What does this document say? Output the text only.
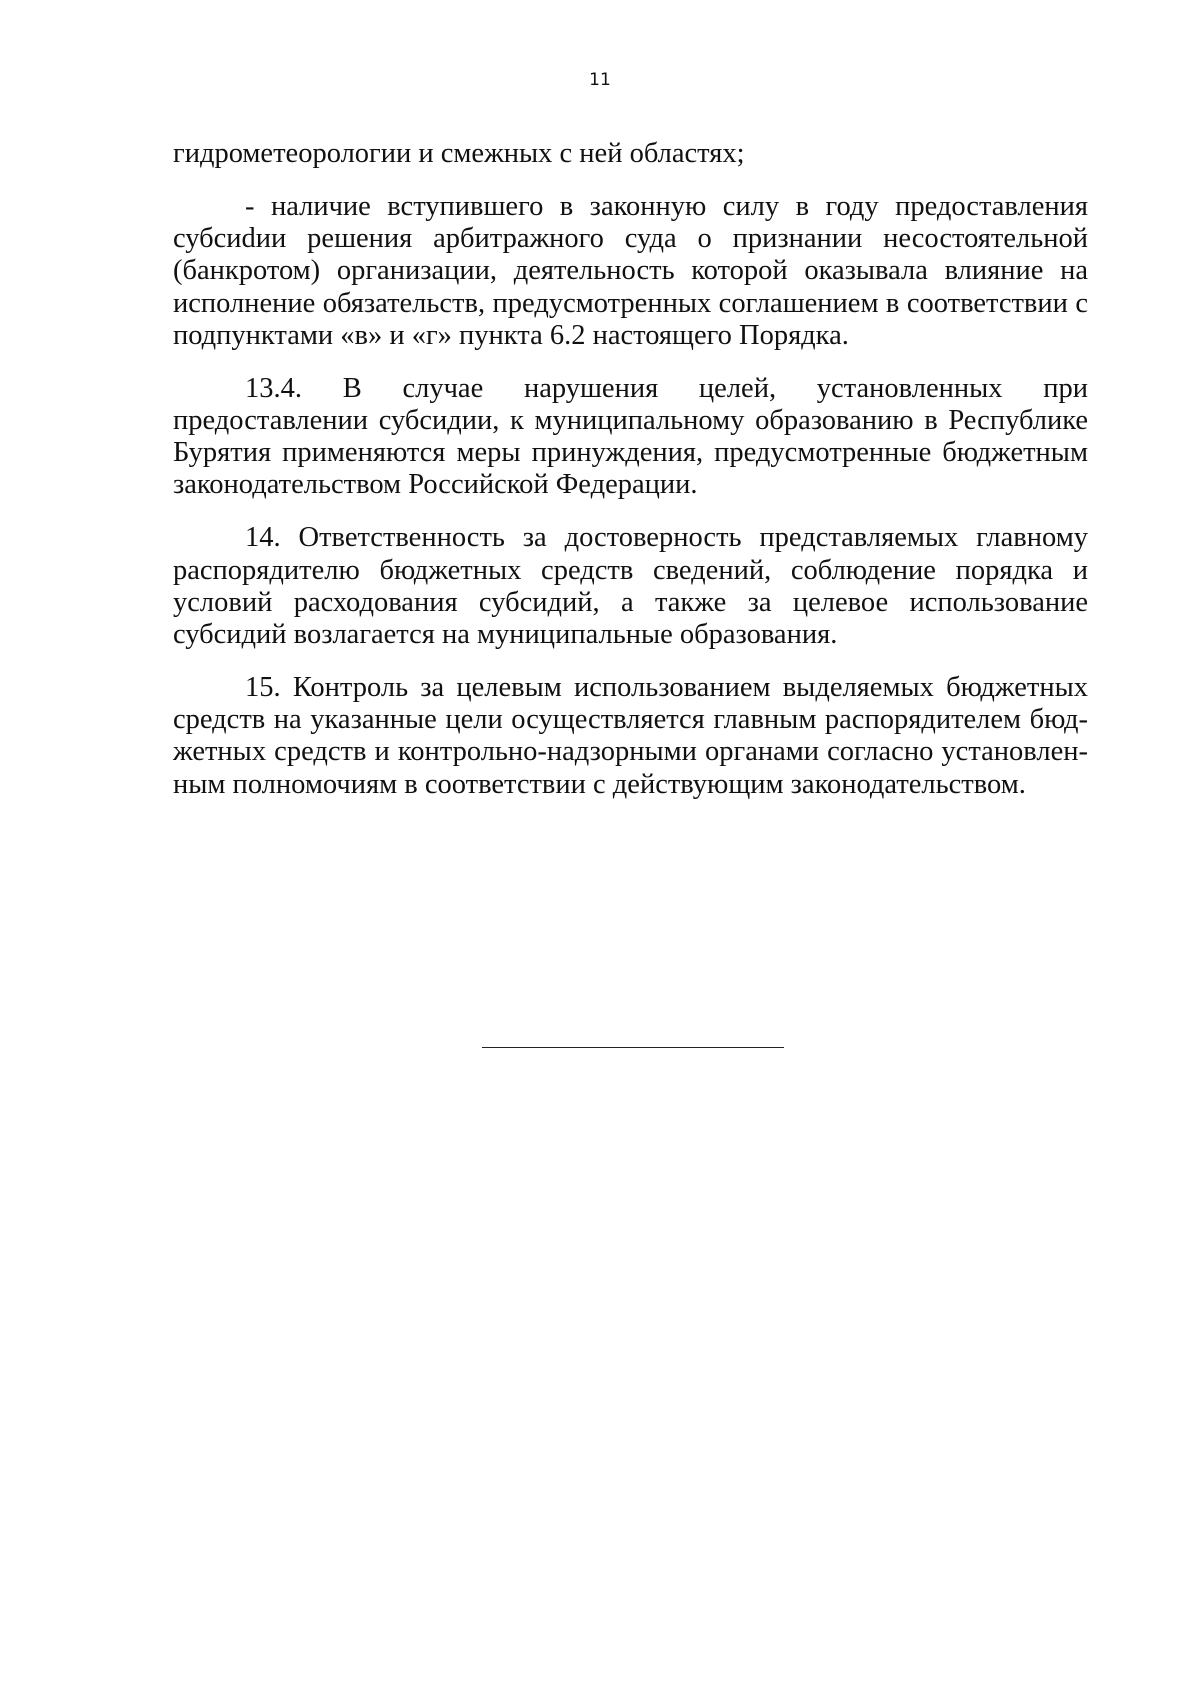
11

гидрометеорологии и смежных с ней областях;

- наличие вступившего в законную силу в году предоставления субсиdии решения арбитражного суда о признании несостоятельной (банкротом) организации, деятельность которой оказывала влияние на исполнение обязательств, предусмотренных соглашением в соответствии с подпунктами «в» и «г» пункта 6.2 настоящего Порядка.

13.4. В случае нарушения целей, установленных при предоставлении субсидии, к муниципальному образованию в Республике Бурятия применяются меры принуждения, предусмотренные бюджетным законодательством Российской Федерации.

14. Ответственность за достоверность представляемых главному распорядителю бюджетных средств сведений, соблюдение порядка и условий расходования субсидий, а также за целевое использование субсидий возлагается на муниципальные образования.

15. Контроль за целевым использованием выделяемых бюджетных средств на указанные цели осуществляется главным распорядителем бюджетных средств и контрольно-надзорными органами согласно установленным полномочиям в соответствии с действующим законодательством.
